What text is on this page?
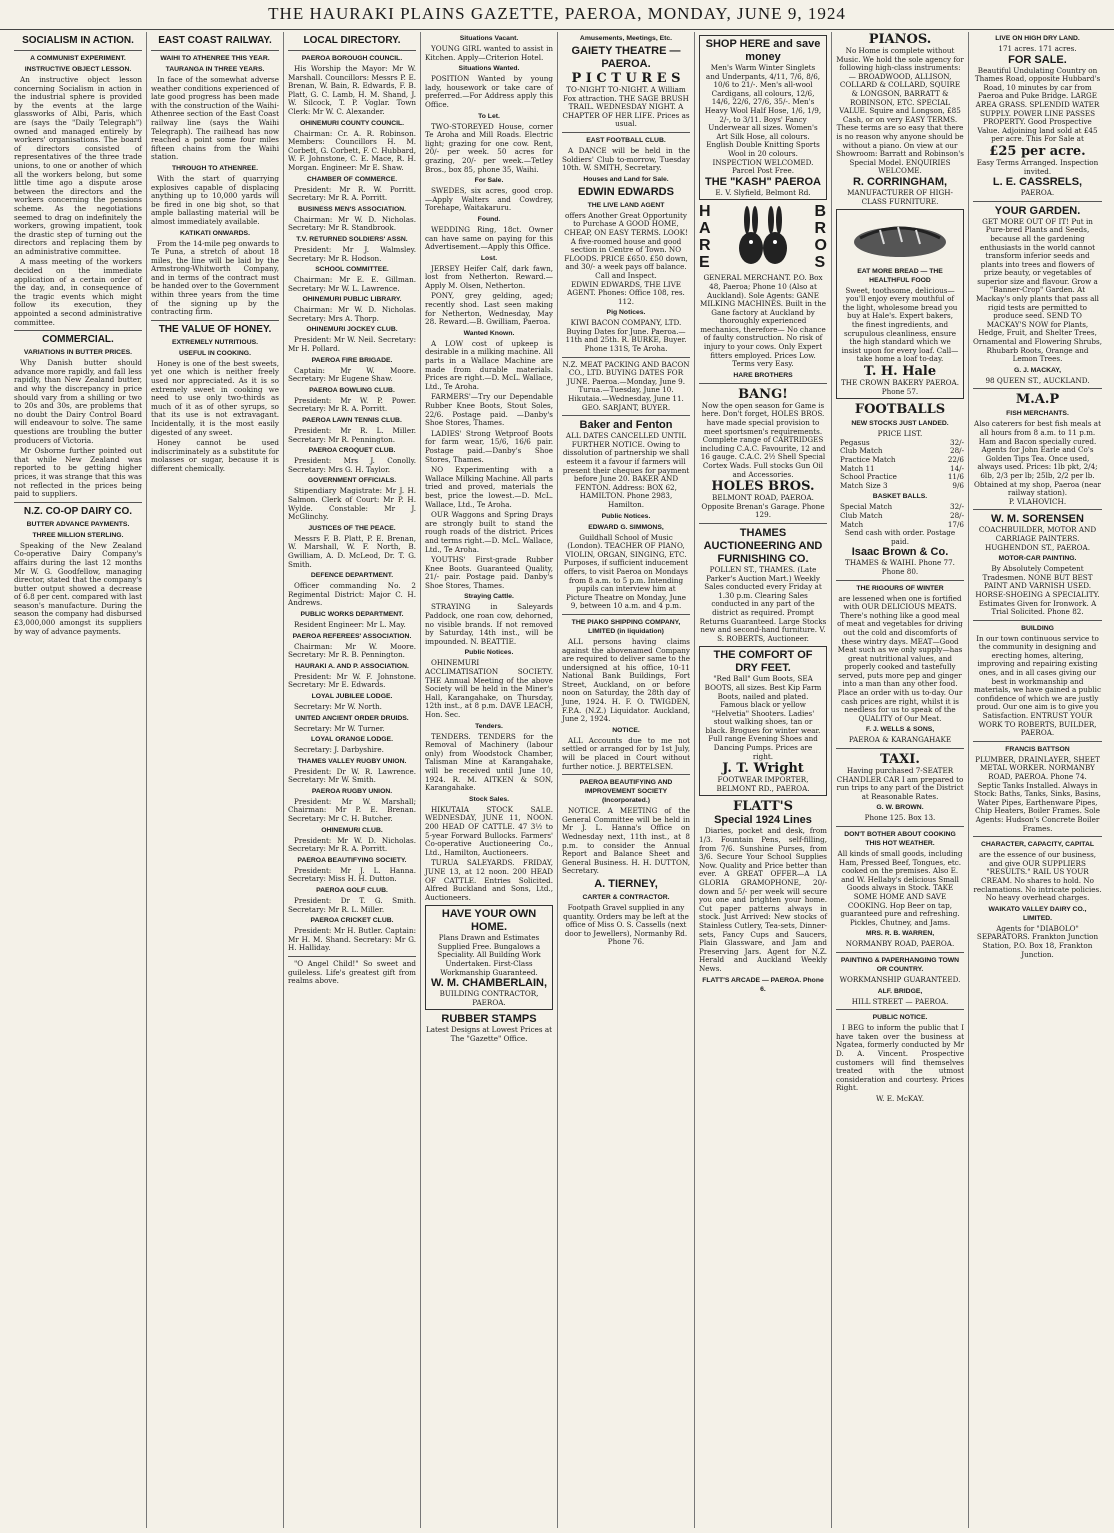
THE HAURAKI PLAINS GAZETTE, PAEROA, MONDAY, JUNE 9, 1924
SOCIALISM IN ACTION.
A COMMUNIST EXPERIMENT.
INSTRUCTIVE OBJECT LESSON.

An instructive object lesson concerning Socialism in action in the industrial sphere is provided by the events at the large glassworks of Albi, Paris, which are (says the "Daily Telegraph") owned and managed entirely by workers' organisations. The board of directors consisted of representatives of the three trade unions, to one or another of which all the workers belong, but some little time ago a dispute arose between the directors and the workers concerning the pensions scheme. As the negotiations seemed to drag on indefinitely the workers, growing impatient, took the drastic step of turning out the directors and replacing them by an administrative committee.

A mass meeting of the workers decided on the immediate application of a certain order of the day, and, in consequence of the tragic events which might follow its execution, they appointed a second administrative committee.

COMMERCIAL.
VARIATIONS IN BUTTER PRICES.

Why Danish butter should advance more rapidly, and fall less rapidly, than New Zealand butter, and why the discrepancy in price should vary from a shilling or two to 20s and 30s, are problems that no doubt the Dairy Control Board will endeavour to solve. The same questions are troubling the butter producers of Victoria.

Mr Osborne further pointed out that while New Zealand was reported to be getting higher prices, it was strange that this was not reflected in the prices being paid to suppliers.

N.Z. CO-OP DAIRY CO.
BUTTER ADVANCE PAYMENTS.
THREE MILLION STERLING.

Speaking of the New Zealand Co-operative Dairy Company's affairs during the last 12 months Mr W. G. Goodfellow, managing director, stated that the company's butter output showed a decrease of 6.8 per cent. compared with last season's manufacture. During the season the company had disbursed £3,000,000 amongst its suppliers by way of advance payments.

EAST COAST RAILWAY.
WAIHI TO ATHENREE THIS YEAR.
TAURANGA IN THREE YEARS.

In face of the somewhat adverse weather conditions experienced of late good progress has been made with the construction of the Waihi-Athenree section of the East Coast railway line (says the Waihi Telegraph). The railhead has now reached a point some four miles fifteen chains from the Waihi station.

THROUGH TO ATHENREE.

With the start of quarrying explosives capable of displacing anything up to 10,000 yards will be fired in one big shot, so that ample ballasting material will be almost immediately available.

KATIKATI ONWARDS.

From the 14-mile peg onwards to Te Puna, a stretch of about 18 miles, the line will be laid by the Armstrong-Whitworth Company, and in terms of the contract must be handed over to the Government within three years from the time of the signing up by the contracting firm.

THE VALUE OF HONEY.
EXTREMELY NUTRITIOUS.
USEFUL IN COOKING.

Honey is one of the best sweets, yet one which is neither freely used nor appreciated. As it is so extremely sweet in cooking we need to use only two-thirds as much of it as of other syrups, so that its use is not extravagant. Incidentally, it is the most easily digested of any sweet.

Honey cannot be used indiscriminately as a substitute for molasses or sugar, because it is different chemically.

LOCAL DIRECTORY.
PAEROA BOROUGH COUNCIL.

His Worship the Mayor: Mr W. Marshall. Councillors: Messrs P. E. Brenan, W. Bain, R. Edwards, F. B. Platt, G. C. Lamb, H. M. Shand, J. W. Silcock, T. P. Voglar. Town Clerk: Mr W. C. Alexander.

OHINEMURI COUNTY COUNCIL.

Chairman: Cr. A. R. Robinson. Members: Councillors H. M. Corbett, G. Corbett, F. C. Hubbard, W. F. Johnstone, C. E. Mace, R. H. Morgan. Engineer: Mr E. Shaw.

CHAMBER OF COMMERCE.

President: Mr R. W. Porritt. Secretary: Mr R. A. Porritt.

BUSINESS MEN'S ASSOCIATION.

Chairman: Mr W. D. Nicholas. Secretary: Mr R. Standbrook.

T.V. RETURNED SOLDIERS' ASSN.

President: Mr J. Walmsley. Secretary: Mr R. Hodson.

SCHOOL COMMITTEE.

Chairman: Mr E. E. Gillman. Secretary: Mr W. L. Lawrence.

OHINEMURI PUBLIC LIBRARY.

Chairman: Mr W. D. Nicholas. Secretary: Mrs A. Thorp.

OHINEMURI JOCKEY CLUB.

President: Mr W. Neil. Secretary: Mr H. Pollard.

PAEROA FIRE BRIGADE.

Captain: Mr W. Moore. Secretary: Mr Eugene Shaw.

PAEROA BOWLING CLUB.

President: Mr W. P. Power. Secretary: Mr R. A. Porritt.

PAEROA LAWN TENNIS CLUB.

President: Mr R. L. Miller. Secretary: Mr R. Pennington.

PAEROA CROQUET CLUB.

President: Mrs J. Conolly. Secretary: Mrs G. H. Taylor.

GOVERNMENT OFFICIALS.

Stipendiary Magistrate: Mr J. H. Salmon. Clerk of Court: Mr P. H. Wylde. Constable: Mr J. McGlinchy.

JUSTICES OF THE PEACE.

Messrs F. B. Platt, P. E. Brenan, W. Marshall, W. F. North, B. Gwilliam, A. D. McLeod, Dr. T. G. Smith.

DEFENCE DEPARTMENT.

Officer commanding No. 2 Regimental District: Major C. H. Andrews.

PUBLIC WORKS DEPARTMENT.

Resident Engineer: Mr L. May.

PAEROA REFEREES' ASSOCIATION.

Chairman: Mr W. Moore. Secretary: Mr R. B. Pennington.

HAURAKI A. AND P. ASSOCIATION.

President: Mr W. F. Johnstone. Secretary: Mr E. Edwards.

LOYAL JUBILEE LODGE.

Secretary: Mr W. North.

UNITED ANCIENT ORDER DRUIDS.

Secretary: Mr W. Turner.

LOYAL ORANGE LODGE.

Secretary: J. Darbyshire.

THAMES VALLEY RUGBY UNION.

President: Dr W. R. Lawrence. Secretary: Mr W. Smith.

PAEROA RUGBY UNION.

President: Mr W. Marshall; Chairman: Mr P. E. Brenan. Secretary: Mr C. H. Butcher.

OHINEMURI CLUB.

President: Mr W. D. Nicholas. Secretary: Mr R. A. Porritt.

PAEROA BEAUTIFYING SOCIETY.

President: Mr J. L. Hanna. Secretary: Miss H. H. Dutton.

PAEROA GOLF CLUB.

President: Dr T. G. Smith. Secretary: Mr R. L. Miller.

PAEROA CRICKET CLUB.

President: Mr H. Butler. Captain: Mr H. M. Shand. Secretary: Mr G. H. Halliday.

"O Angel Child!" So sweet and guileless. Life's greatest gift from realms above.

Situations Vacant.

YOUNG GIRL wanted to assist in Kitchen. Apply—Criterion Hotel.

Situations Wanted.

POSITION Wanted by young lady, housework or take care of preferred.—For Address apply this Office.

To Let.

TWO-STOREYED House, corner Te Aroha and Mill Roads. Electric light; grazing for one cow. Rent, 20/- per week. 50 acres for grazing, 20/- per week.—Tetley Bros., box 85, phone 35, Waihi.

For Sale.

SWEDES, six acres, good crop. —Apply Walters and Cowdrey, Torehape, Waitakaruru.

Found.

WEDDING Ring, 18ct. Owner can have same on paying for this Advertisement.—Apply this Office.

Lost.

JERSEY Heifer Calf, dark fawn, lost from Netherton. Reward.—Apply M. Olsen, Netherton.

PONY, grey gelding, aged; recently shod. Last seen making for Netherton, Wednesday, May 28. Reward.—B. Gwilliam, Paeroa.

Wanted Known.

A LOW cost of upkeep is desirable in a milking machine. All parts in a Wallace Machine are made from durable materials. Prices are right.—D. McL. Wallace, Ltd., Te Aroha.

FARMERS'—Try our Dependable Rubber Knee Boots, Stout Soles, 22/6. Postage paid. —Danby's Shoe Stores, Thames.

LADIES' Strong Wetproof Boots for farm wear, 15/6, 16/6 pair. Postage paid.—Danby's Shoe Stores, Thames.

NO Experimenting with a Wallace Milking Machine. All parts tried and proved, materials the best, price the lowest.—D. McL. Wallace, Ltd., Te Aroha.

OUR Waggons and Spring Drays are strongly built to stand the rough roads of the district. Prices and terms right.—D. McL. Wallace, Ltd., Te Aroha.

YOUTHS' First-grade Rubber Knee Boots. Guaranteed Quality, 21/- pair. Postage paid. Danby's Shoe Stores, Thames.

Straying Cattle.

STRAYING in Saleyards Paddock, one roan cow, dehorned, no visible brands. If not removed by Saturday, 14th inst., will be impounded. N. BEATTIE.

Public Notices.

OHINEMURI ACCLIMATISATION SOCIETY. THE Annual Meeting of the above Society will be held in the Miner's Hall, Karangahake, on Thursday, 12th inst., at 8 p.m. DAVE LEACH, Hon. Sec.

Tenders.

TENDERS. TENDERS for the Removal of Machinery (labour only) from Woodstock Chamber, Talisman Mine at Karangahake, will be received until June 10, 1924. R. M. AITKEN & SON, Karangahake.

Stock Sales.

HIKUTAIA STOCK SALE. WEDNESDAY, JUNE 11, NOON. 200 HEAD OF CATTLE. 47 3½ to 5-year Forward Bullocks. Farmers' Co-operative Auctioneering Co., Ltd., Hamilton, Auctioneers.

TURUA SALEYARDS. FRIDAY, JUNE 13, at 12 noon. 200 HEAD OF CATTLE. Entries Solicited. Alfred Buckland and Sons, Ltd., Auctioneers.

HAVE YOUR OWN HOME.

Plans Drawn and Estimates Supplied Free. Bungalows a Speciality. All Building Work Undertaken. First-Class Workmanship Guaranteed.

W. M. CHAMBERLAIN,
BUILDING CONTRACTOR, PAEROA.
RUBBER STAMPS
Latest Designs at Lowest Prices at The "Gazette" Office.
Amusements, Meetings, Etc.
GAIETY THEATRE — PAEROA.
P I C T U R E S

TO-NIGHT TO-NIGHT. A William Fox attraction. THE SAGE BRUSH TRAIL. WEDNESDAY NIGHT. A CHAPTER OF HER LIFE. Prices as usual.

EAST FOOTBALL CLUB.

A DANCE will be held in the Soldiers' Club to-morrow, Tuesday 10th. W. SMITH, Secretary.

Houses and Land for Sale.
EDWIN EDWARDS
THE LIVE LAND AGENT

offers Another Great Opportunity to Purchase A GOOD HOME, CHEAP, ON EASY TERMS. LOOK! A five-roomed house and good section in Centre of Town. NO FLOODS. PRICE £650. £50 down, and 30/- a week pays off balance. Call and Inspect.

EDWIN EDWARDS, THE LIVE AGENT. Phones: Office 108, res. 112.

Pig Notices.

KIWI BACON COMPANY, LTD. Buying Dates for June. Paeroa.—11th and 25th. R. BURKE, Buyer. Phone 131S, Te Aroha.

N.Z. MEAT PACKING AND BACON CO., LTD. BUYING DATES FOR JUNE. Paeroa.—Monday, June 9. Turua.—Tuesday, June 10. Hikutaia.—Wednesday, June 11. GEO. SARJANT, BUYER.

Baker and Fenton

ALL DATES CANCELLED UNTIL FURTHER NOTICE. Owing to dissolution of partnership we shall esteem it a favour if farmers will present their cheques for payment before June 20. BAKER AND FENTON. Address: BOX 62, HAMILTON. Phone 2983, Hamilton.

Public Notices.
EDWARD G. SIMMONS,

Guildhall School of Music (London). TEACHER OF PIANO, VIOLIN, ORGAN, SINGING, ETC. Purposes, if sufficient inducement offers, to visit Paeroa on Mondays from 8 a.m. to 5 p.m. Intending pupils can interview him at Picture Theatre on Monday, June 9, between 10 a.m. and 4 p.m.

THE PIAKO SHIPPING COMPANY, LIMITED (in liquidation)

ALL persons having claims against the abovenamed Company are required to deliver same to the undersigned at his office, 10-11 National Bank Buildings, Fort Street, Auckland, on or before noon on Saturday, the 28th day of June, 1924. H. F. O. TWIGDEN, F.P.A. (N.Z.) Liquidator. Auckland, June 2, 1924.

NOTICE.

ALL Accounts due to me not settled or arranged for by 1st July, will be placed in Court without further notice. J. BERTELSEN.

PAEROA BEAUTIFYING AND IMPROVEMENT SOCIETY (Incorporated.)

NOTICE. A MEETING of the General Committee will be held in Mr J. L. Hanna's Office on Wednesday next, 11th inst., at 8 p.m. to consider the Annual Report and Balance Sheet and General Business. H. H. DUTTON, Secretary.

A. TIERNEY,
CARTER & CONTRACTOR.

Footpath Gravel supplied in any quantity. Orders may be left at the office of Miss O. S. Cassells (next door to Jewellers), Normanby Rd. Phone 76.

SHOP HERE and save money

Men's Warm Winter Singlets and Underpants, 4/11, 7/6, 8/6, 10/6 to 21/-. Men's all-wool Cardigans, all colours, 12/6, 14/6, 22/6, 27/6, 35/-. Men's Heavy Wool Half Hose, 1/6, 1/9, 2/-, to 3/11. Boys' Fancy Underwear all sizes. Women's Art Silk Hose, all colours. English Double Knitting Sports Wool in 20 colours. INSPECTION WELCOMED. Parcel Post Free.

THE "KASH" PAEROA
E. V. Slyfield, Belmont Rd.
H
A
R
E
B
R
O
S

GENERAL MERCHANT. P.O. Box 48, Paeroa; Phone 10 (Also at Auckland). Sole Agents: GANE MILKING MACHINES. Built in the Gane factory at Auckland by thoroughly experienced mechanics, therefore— No chance of faulty construction. No risk of injury to your cows. Only Expert fitters employed. Prices Low. Terms very Easy.

HARE BROTHERS
BANG!

Now the open season for Game is here. Don't forget, HOLES BROS. have made special provision to meet sportsmen's requirements. Complete range of CARTRIDGES including C.A.C. Favourite, 12 and 16 gauge. C.A.C. 2½ Shell Special Cortex Wads. Full stocks Gun Oil and Accessories.

HOLES BROS.

BELMONT ROAD, PAEROA. Opposite Brenan's Garage. Phone 129.

THAMES AUCTIONEERING AND FURNISHING CO.

POLLEN ST., THAMES. (Late Parker's Auction Mart.) Weekly Sales conducted every Friday at 1.30 p.m. Clearing Sales conducted in any part of the district as required. Prompt Returns Guaranteed. Large Stocks new and second-hand furniture. V. S. ROBERTS, Auctioneer.

THE COMFORT OF DRY FEET.

"Red Ball" Gum Boots, SEA BOOTS, all sizes. Best Kip Farm Boots, nailed and plated. Famous black or yellow "Helvetia" Shooters. Ladies' stout walking shoes, tan or black. Brogues for winter wear. Full range Evening Shoes and Dancing Pumps. Prices are right.

J. T. Wright
FOOTWEAR IMPORTER, BELMONT RD., PAEROA.
FLATT'S
Special 1924 Lines

Diaries, pocket and desk, from 1/3. Fountain Pens, self-filling, from 7/6. Sunshine Purses, from 3/6. Secure Your School Supplies Now. Quality and Price better than ever. A GREAT OFFER—A LA GLORIA GRAMOPHONE, 20/- down and 5/- per week will secure you one and brighten your home. Cut paper patterns always in stock. Just Arrived: New stocks of Stainless Cutlery, Tea-sets, Dinner-sets, Fancy Cups and Saucers, Plain Glassware, and Jam and Preserving Jars. Agent for N.Z. Herald and Auckland Weekly News.

FLATT'S ARCADE — PAEROA. Phone 6.
PIANOS.

No Home is complete without Music. We hold the sole agency for following high-class instruments:— BROADWOOD, ALLISON, COLLARD & COLLARD, SQUIRE & LONGSON, BARRATT & ROBINSON, ETC. SPECIAL VALUE. Squire and Longson, £85 Cash, or on very EASY TERMS. These terms are so easy that there is no reason why anyone should be without a piano. On view at our Showroom: Barratt and Robinson's Special Model. ENQUIRIES WELCOME.

R. CORRINGHAM,
MANUFACTURER OF HIGH-CLASS FURNITURE.
EAT MORE BREAD — THE HEALTHFUL FOOD

Sweet, toothsome, delicious—you'll enjoy every mouthful of the light, wholesome bread you buy at Hale's. Expert bakers, the finest ingredients, and scrupulous cleanliness, ensure the high standard which we insist upon for every loaf. Call—take home a loaf to-day.

T. H. Hale
THE CROWN BAKERY PAEROA. Phone 57.
FOOTBALLS
NEW STOCKS JUST LANDED.
PRICE LIST.
Pegasus	32/-
Club Match	28/-
Practice Match	22/6
Match 11	14/-
School Practice	11/6
Match Size 3	9/6
BASKET BALLS.
Special Match	32/-
Club Match	28/-
Match	17/6
Send cash with order. Postage paid.
Isaac Brown & Co.
THAMES & WAIHI. Phone 77. Phone 80.
THE RIGOURS OF WINTER

are lessened when one is fortified with OUR DELICIOUS MEATS. There's nothing like a good meal of meat and vegetables for driving out the cold and discomforts of these wintry days. MEAT—Good Meat such as we only supply—has great nutritional values, and properly cooked and tastefully served, puts more pep and ginger into a man than any other food. Place an order with us to-day. Our cash prices are right, whilst it is needless for us to speak of the QUALITY of Our Meat.

F. J. WELLS & SONS,
PAEROA & KARANGAHAKE
TAXI.

Having purchased 7-SEATER CHANDLER CAR I am prepared to run trips to any part of the District at Reasonable Rates.

G. W. BROWN.
Phone 125. Box 13.
DON'T BOTHER ABOUT COOKING THIS HOT WEATHER.

All kinds of small goods, including Ham, Pressed Beef, Tongues, etc. cooked on the premises. Also E. and W. Hellaby's delicious Small Goods always in Stock. TAKE SOME HOME AND SAVE COOKING. Hop Beer on tap, guaranteed pure and refreshing. Pickles, Chutney, and Jams.

MRS. R. B. WARREN,
NORMANBY ROAD, PAEROA.
PAINTING & PAPERHANGING TOWN OR COUNTRY.
WORKMANSHIP GUARANTEED.
ALF. BRIDGE,
HILL STREET — PAEROA.
PUBLIC NOTICE.

I BEG to inform the public that I have taken over the business at Ngatea, formerly conducted by Mr D. A. Vincent. Prospective customers will find themselves treated with the utmost consideration and courtesy. Prices Right.

W. E. McKAY.
LIVE ON HIGH DRY LAND.
171 acres. 171 acres.
FOR SALE.

Beautiful Undulating Country on Thames Road, opposite Hubbard's Road, 10 minutes by car from Paeroa and Puke Bridge. LARGE AREA GRASS. SPLENDID WATER SUPPLY. POWER LINE PASSES PROPERTY. Good Prospective Value. Adjoining land sold at £45 per acre. This For Sale at

£25 per acre.
Easy Terms Arranged. Inspection invited.
L. E. CASSRELS,
PAEROA.
YOUR GARDEN.

GET MORE OUT OF IT! Put in Pure-bred Plants and Seeds, because all the gardening enthusiasts in the world cannot transform inferior seeds and plants into trees and flowers of prize beauty, or vegetables of superior size and flavour. Grow a "Banner-Crop" Garden. At Mackay's only plants that pass all rigid tests are permitted to produce seed. SEND TO MACKAY'S NOW for Plants, Hedge, Fruit, and Shelter Trees, Ornamental and Flowering Shrubs, Rhubarb Roots, Orange and Lemon Trees.

G. J. MACKAY,
98 QUEEN ST., AUCKLAND.
M.A.P
FISH MERCHANTS.

Also caterers for best fish meals at all hours from 8 a.m. to 11 p.m. Ham and Bacon specially cured. Agents for John Earle and Co's Golden Tips Tea. Once used, always used. Prices: 1lb pkt, 2/4; 6lb, 2/3 per lb; 25lb, 2/2 per lb. Obtained at my shop, Paeroa (near railway station).

P. VLAHOVICH.
W. M. SORENSEN
COACHBUILDER, MOTOR AND CARRIAGE PAINTERS. HUGHENDON ST., PAEROA.
MOTOR-CAR PAINTING.

By Absolutely Competent Tradesmen. NONE BUT BEST PAINT AND VARNISH USED. HORSE-SHOEING A SPECIALITY. Estimates Given for Ironwork. A Trial Solicited. Phone 82.

BUILDING

In our town continuous service to the community in designing and erecting homes, altering, improving and repairing existing ones, and in all cases giving our best in workmanship and materials, we have gained a public confidence of which we are justly proud. Our one aim is to give you Satisfaction. ENTRUST YOUR WORK TO ROBERTS, BUILDER, PAEROA.

FRANCIS BATTSON

PLUMBER, DRAINLAYER, SHEET METAL WORKER. NORMANBY ROAD, PAEROA. Phone 74.

Septic Tanks Installed. Always in Stock: Baths, Tanks, Sinks, Basins, Water Pipes, Earthenware Pipes, Chip Heaters, Boiler Frames. Sole Agents: Hudson's Concrete Boiler Frames.

CHARACTER, CAPACITY, CAPITAL

are the essence of our business, and give OUR SUPPLIERS "RESULTS." RAIL US YOUR CREAM. No shares to hold. No reclamations. No intricate policies. No heavy overhead charges.

WAIKATO VALLEY DAIRY CO., LIMITED.

Agents for "DIABOLO" SEPARATORS. Frankton Junction Station, P.O. Box 18, Frankton Junction.
